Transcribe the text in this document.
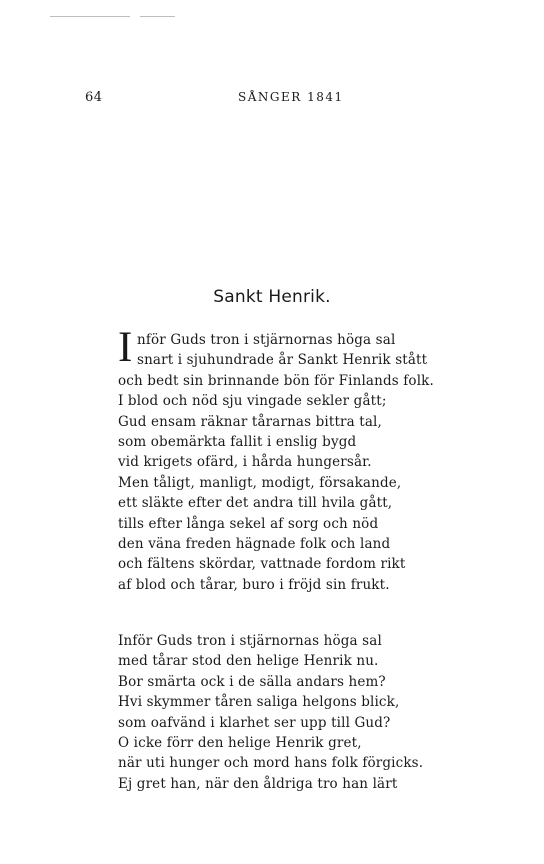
64	SÅNGER 1841
Sankt Henrik.
I nför Guds tron i stjärnornas höga sal
snart i sjuhundrade år Sankt Henrik stått
och bedt sin brinnande bön för Finlands folk.
I blod och nöd sju vingade sekler gått;
Gud ensam räknar tårarnas bittra tal,
som obemärkta fallit i enslig bygd
vid krigets ofärd, i hårda hungersår.
Men tåligt, manligt, modigt, försakande,
ett släkte efter det andra till hvila gått,
tills efter långa sekel af sorg och nöd
den väna freden hägnade folk och land
och fältens skördar, vattnade fordom rikt
af blod och tårar, buro i fröjd sin frukt.
Inför Guds tron i stjärnornas höga sal
med tårar stod den helige Henrik nu.
Bor smärta ock i de sälla andars hem?
Hvi skymmer tåren saliga helgons blick,
som oafvänd i klarhet ser upp till Gud?
O icke förr den helige Henrik gret,
när uti hunger och mord hans folk förgicks.
Ej gret han, när den åldriga tro han lärt
